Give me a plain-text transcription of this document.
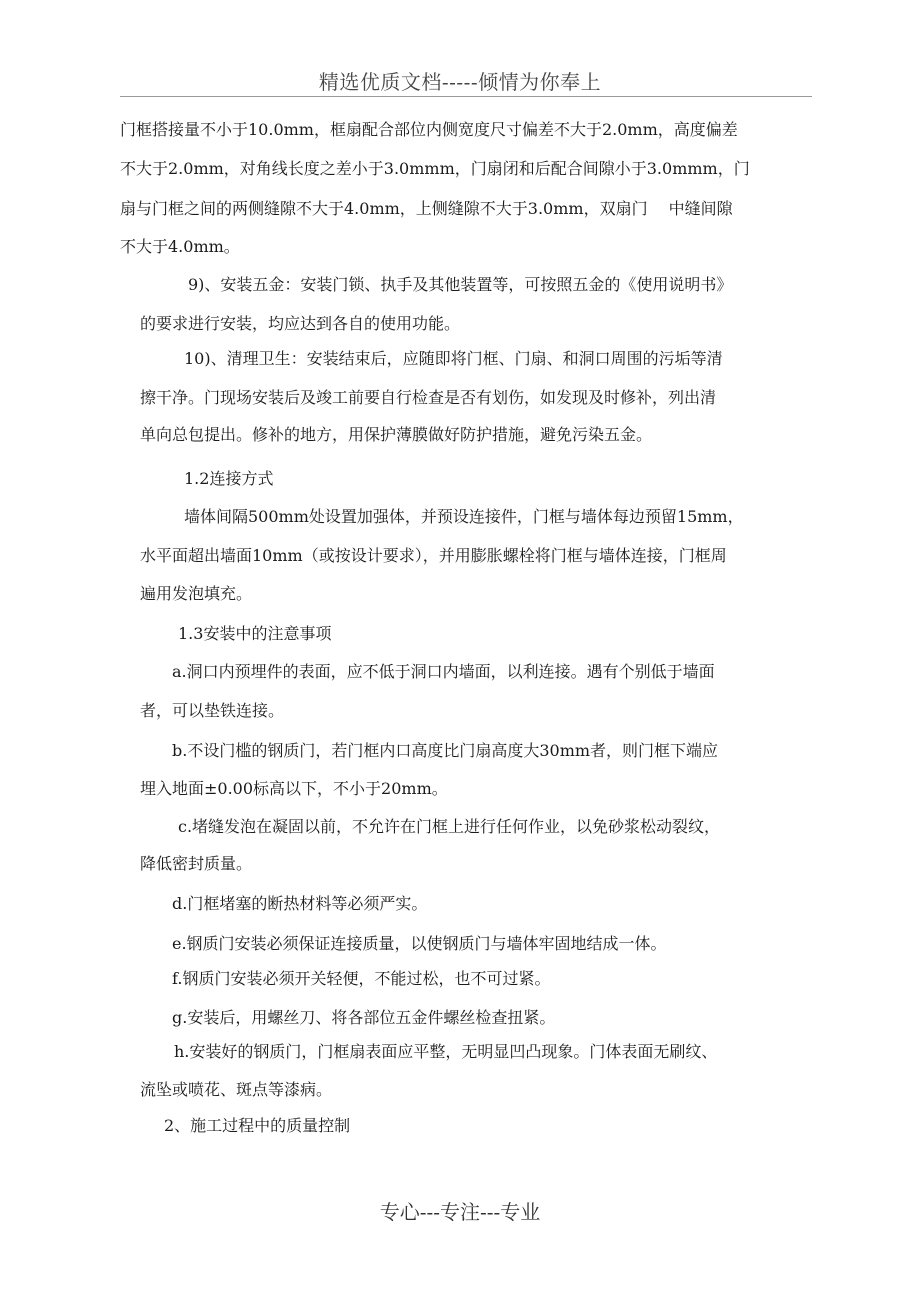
精选优质文档-----倾情为你奉上
门框搭接量不小于10.0mm，框扇配合部位内侧宽度尺寸偏差不大于2.0mm，高度偏差
不大于2.0mm，对角线长度之差小于3.0mmm，门扇闭和后配合间隙小于3.0mmm，门
扇与门框之间的两侧缝隙不大于4.0mm，上侧缝隙不大于3.0mm，双扇门　 中缝间隙
不大于4.0mm。
9)、安装五金：安装门锁、执手及其他装置等，可按照五金的《使用说明书》
的要求进行安装，均应达到各自的使用功能。
10)、清理卫生：安装结束后，应随即将门框、门扇、和洞口周围的污垢等清
擦干净。门现场安装后及竣工前要自行检查是否有划伤，如发现及时修补，列出清
单向总包提出。修补的地方，用保护薄膜做好防护措施，避免污染五金。
1.2连接方式
墙体间隔500mm处设置加强体，并预设连接件，门框与墙体每边预留15mm，
水平面超出墙面10mm（或按设计要求），并用膨胀螺栓将门框与墙体连接，门框周
遍用发泡填充。
1.3安装中的注意事项
a.洞口内预埋件的表面，应不低于洞口内墙面，以利连接。遇有个别低于墙面
者，可以垫铁连接。
b.不设门槛的钢质门，若门框内口高度比门扇高度大30mm者，则门框下端应
埋入地面±0.00标高以下，不小于20mm。
c.堵缝发泡在凝固以前，不允许在门框上进行任何作业，以免砂浆松动裂纹，
降低密封质量。
d.门框堵塞的断热材料等必须严实。
e.钢质门安装必须保证连接质量，以使钢质门与墙体牢固地结成一体。
f.钢质门安装必须开关轻便，不能过松，也不可过紧。
g.安装后，用螺丝刀、将各部位五金件螺丝检查扭紧。
h.安装好的钢质门，门框扇表面应平整，无明显凹凸现象。门体表面无刷纹、
流坠或喷花、斑点等漆病。
2、施工过程中的质量控制
专心---专注---专业
